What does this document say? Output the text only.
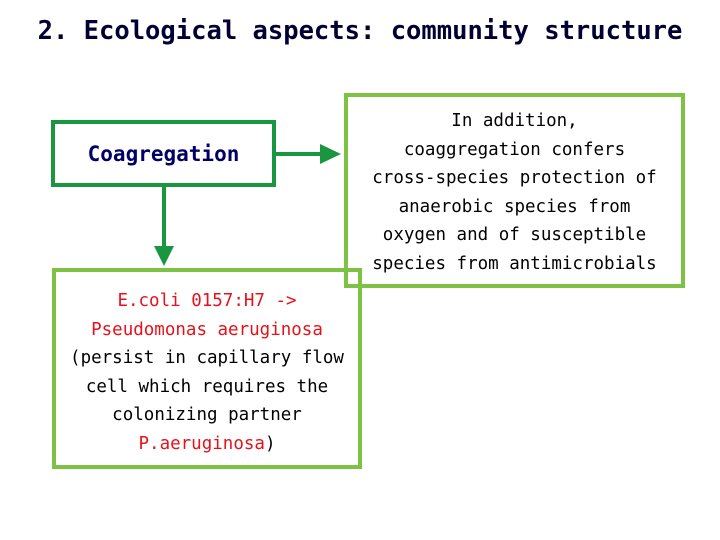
2. Ecological aspects: community structure
Coagregation
In addition,
coaggregation confers
cross-species protection of
anaerobic species from
oxygen and of susceptible
species from antimicrobials
E.coli 0157:H7 ->
Pseudomonas aeruginosa
(persist in capillary flow
cell which requires the
colonizing partner
P.aeruginosa)
